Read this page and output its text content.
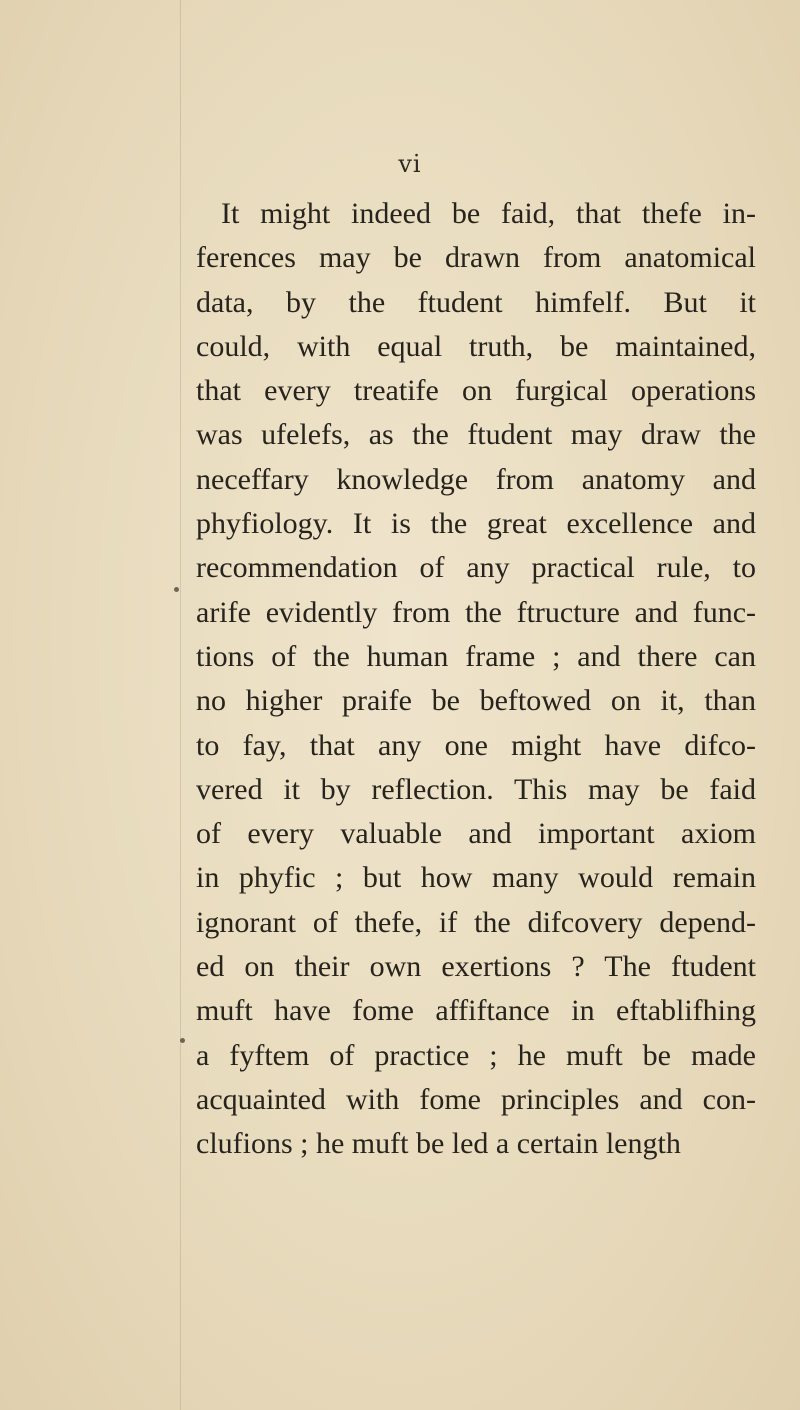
vi
It might indeed be faid, that thefe in-
ferences may be drawn from anatomical
data, by the ftudent himfelf. But it
could, with equal truth, be maintained,
that every treatife on furgical operations
was ufelefs, as the ftudent may draw the
neceffary knowledge from anatomy and
phyfiology. It is the great excellence and
recommendation of any practical rule, to
arife evidently from the ftructure and func-
tions of the human frame ; and there can
no higher praife be beftowed on it, than
to fay, that any one might have difco-
vered it by reflection. This may be faid
of every valuable and important axiom
in phyfic ; but how many would remain
ignorant of thefe, if the difcovery depend-
ed on their own exertions ? The ftudent
muft have fome affiftance in eftablifhing
a fyftem of practice ; he muft be made
acquainted with fome principles and con-
clufions ; he muft be led a certain length
